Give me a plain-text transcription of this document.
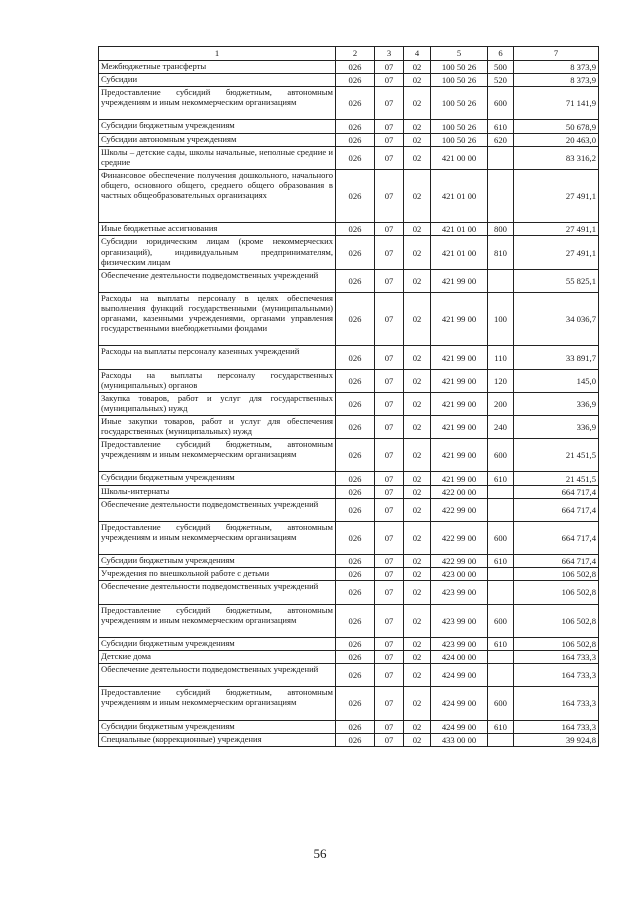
1	2	3	4	5	6	7
Межбюджетные трансферты	026	07	02	100 50 26	500	8 373,9
Субсидии	026	07	02	100 50 26	520	8 373,9
Предоставление субсидий бюджетным, автономным учреждениям и иным некоммерческим организациям	026	07	02	100 50 26	600	71 141,9
Субсидии бюджетным учреждениям	026	07	02	100 50 26	610	50 678,9
Субсидии автономным учреждениям	026	07	02	100 50 26	620	20 463,0
Школы – детские сады, школы начальные, неполные средние и средние	026	07	02	421 00 00		83 316,2
Финансовое обеспечение получения дошкольного, начального общего, основного общего, среднего общего образования в частных общеобразовательных организациях	026	07	02	421 01 00		27 491,1
Иные бюджетные ассигнования	026	07	02	421 01 00	800	27 491,1
Субсидии юридическим лицам (кроме некоммерческих организаций), индивидуальным предпринимателям, физическим лицам	026	07	02	421 01 00	810	27 491,1
Обеспечение деятельности подведомственных учреждений	026	07	02	421 99 00		55 825,1
Расходы на выплаты персоналу в целях обеспечения выполнения функций государственными (муниципальными) органами, казенными учреждениями, органами управления государственными внебюджетными фондами	026	07	02	421 99 00	100	34 036,7
Расходы на выплаты персоналу казенных учреждений	026	07	02	421 99 00	110	33 891,7
Расходы на выплаты персоналу государственных (муниципальных) органов	026	07	02	421 99 00	120	145,0
Закупка товаров, работ и услуг для государственных (муниципальных) нужд	026	07	02	421 99 00	200	336,9
Иные закупки товаров, работ и услуг для обеспечения государственных (муниципальных) нужд	026	07	02	421 99 00	240	336,9
Предоставление субсидий бюджетным, автономным учреждениям и иным некоммерческим организациям	026	07	02	421 99 00	600	21 451,5
Субсидии бюджетным учреждениям	026	07	02	421 99 00	610	21 451,5
Школы-интернаты	026	07	02	422 00 00		664 717,4
Обеспечение деятельности подведомственных учреждений	026	07	02	422 99 00		664 717,4
Предоставление субсидий бюджетным, автономным учреждениям и иным некоммерческим организациям	026	07	02	422 99 00	600	664 717,4
Субсидии бюджетным учреждениям	026	07	02	422 99 00	610	664 717,4
Учреждения по внешкольной работе с детьми	026	07	02	423 00 00		106 502,8
Обеспечение деятельности подведомственных учреждений	026	07	02	423 99 00		106 502,8
Предоставление субсидий бюджетным, автономным учреждениям и иным некоммерческим организациям	026	07	02	423 99 00	600	106 502,8
Субсидии бюджетным учреждениям	026	07	02	423 99 00	610	106 502,8
Детские дома	026	07	02	424 00 00		164 733,3
Обеспечение деятельности подведомственных учреждений	026	07	02	424 99 00		164 733,3
Предоставление субсидий бюджетным, автономным учреждениям и иным некоммерческим организациям	026	07	02	424 99 00	600	164 733,3
Субсидии бюджетным учреждениям	026	07	02	424 99 00	610	164 733,3
Специальные (коррекционные) учреждения	026	07	02	433 00 00		39 924,8
56
